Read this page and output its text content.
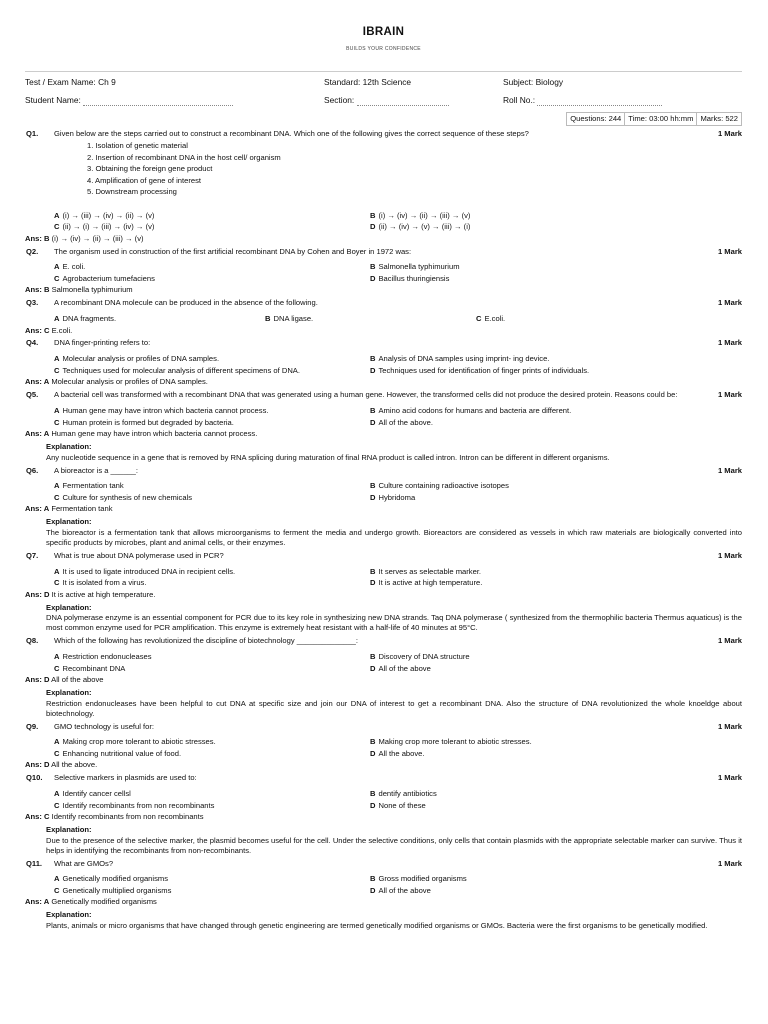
IBRAIN
BUILDS YOUR CONFIDENCE
Test / Exam Name: Ch 9	Standard: 12th Science	Subject: Biology
Student Name:	Section:	Roll No.:
Questions: 244 Time: 03:00 hh:mm Marks: 522
Q1.	Given below are the steps carried out to construct a recombinant DNA. Which one of the following gives the correct sequence of these steps?	1 Mark
1. Isolation of genetic material
2. Insertion of recombinant DNA in the host cell/ organism
3. Obtaining the foreign gene product
4. Amplification of gene of interest
5. Downstream processing
A (i) → (iii) → (iv) → (ii) → (v)	B (i) → (iv) → (ii) → (iii) → (v)
C (ii) → (i) → (iii) → (iv) → (v)	D (ii) → (iv) → (v) → (iii) → (i)
Ans: B (i) → (iv) → (ii) → (iii) → (v)
Q2.	The organism used in construction of the first artificial recombinant DNA by Cohen and Boyer in 1972 was:	1 Mark
A E. coli.	B Salmonella typhimurium
C Agrobacterium tumefaciens	D Bacillus thuringiensis
Ans: B Salmonella typhimurium
Q3.	A recombinant DNA molecule can be produced in the absence of the following.	1 Mark
A DNA fragments.	B DNA ligase.	C E.coli.
Ans: C E.coli.
Q4.	DNA finger-printing refers to:	1 Mark
A Molecular analysis or profiles of DNA samples.	B Analysis of DNA samples using imprint- ing device.
C Techniques used for molecular analysis of different specimens of DNA.	D Techniques used for identification of finger prints of individuals.
Ans: A Molecular analysis or profiles of DNA samples.
Q5.	A bacterial cell was transformed with a recombinant DNA that was generated using a human gene. However, the transformed cells did not produce the desired protein. Reasons could be:	1 Mark
A Human gene may have intron which bacteria cannot process.	B Amino acid codons for humans and bacteria are different.
C Human protein is formed but degraded by bacteria.	D All of the above.
Ans: A Human gene may have intron which bacteria cannot process.
Explanation:
Any nucleotide sequence in a gene that is removed by RNA splicing during maturation of final RNA product is called intron. Intron can be different in different organisms.
Q6.	A bioreactor is a ______:	1 Mark
A Fermentation tank	B Culture containing radioactive isotopes
C Culture for synthesis of new chemicals	D Hybridoma
Ans: A Fermentation tank
Explanation:
The bioreactor is a fermentation tank that allows microorganisms to ferment the media and undergo growth. Bioreactors are considered as vessels in which raw materials are biologically converted into specific products by microbes, plant and animal cells, or their enzymes.
Q7.	What is true about DNA polymerase used in PCR?	1 Mark
A It is used to ligate introduced DNA in recipient cells.	B It serves as selectable marker.
C It is isolated from a virus.	D It is active at high temperature.
Ans: D It is active at high temperature.
Explanation:
DNA polymerase enzyme is an essential component for PCR due to its key role in synthesizing new DNA strands. Taq DNA polymerase ( synthesized from the thermophilic bacteria Thermus aquaticus) is the most common enzyme used for PCR amplification. This enzyme is extremely heat resistant with a half-life of 40 minutes at 95°C.
Q8.	Which of the following has revolutionized the discipline of biotechnology ______________:	1 Mark
A Restriction endonucleases	B Discovery of DNA structure
C Recombinant DNA	D All of the above
Ans: D All of the above
Explanation:
Restriction endonucleases have been helpful to cut DNA at specific size and join our DNA of interest to get a recombinant DNA. Also the structure of DNA revolutionized the whole knoeldge about biotechnology.
Q9.	GMO technology is useful for:	1 Mark
A Making crop more tolerant to abiotic stresses.	B Making crop more tolerant to abiotic stresses.
C Enhancing nutritional value of food.	D All the above.
Ans: D All the above.
Q10.	Selective markers in plasmids are used to:	1 Mark
A Identify cancer cellsl	B dentify antibiotics
C Identify recombinants from non recombinants	D None of these
Ans: C Identify recombinants from non recombinants
Explanation:
Due to the presence of the selective marker, the plasmid becomes useful for the cell. Under the selective conditions, only cells that contain plasmids with the appropriate selectable marker can survive. Thus it helps in identifying the recombinants from non-recombinants.
Q11.	What are GMOs?	1 Mark
A Genetically modified organisms	B Gross modified organisms
C Genetically multiplied organisms	D All of the above
Ans: A Genetically modified organisms
Explanation:
Plants, animals or micro organisms that have changed through genetic engineering are termed genetically modified organisms or GMOs. Bacteria were the first organisms to be genetically modified.
